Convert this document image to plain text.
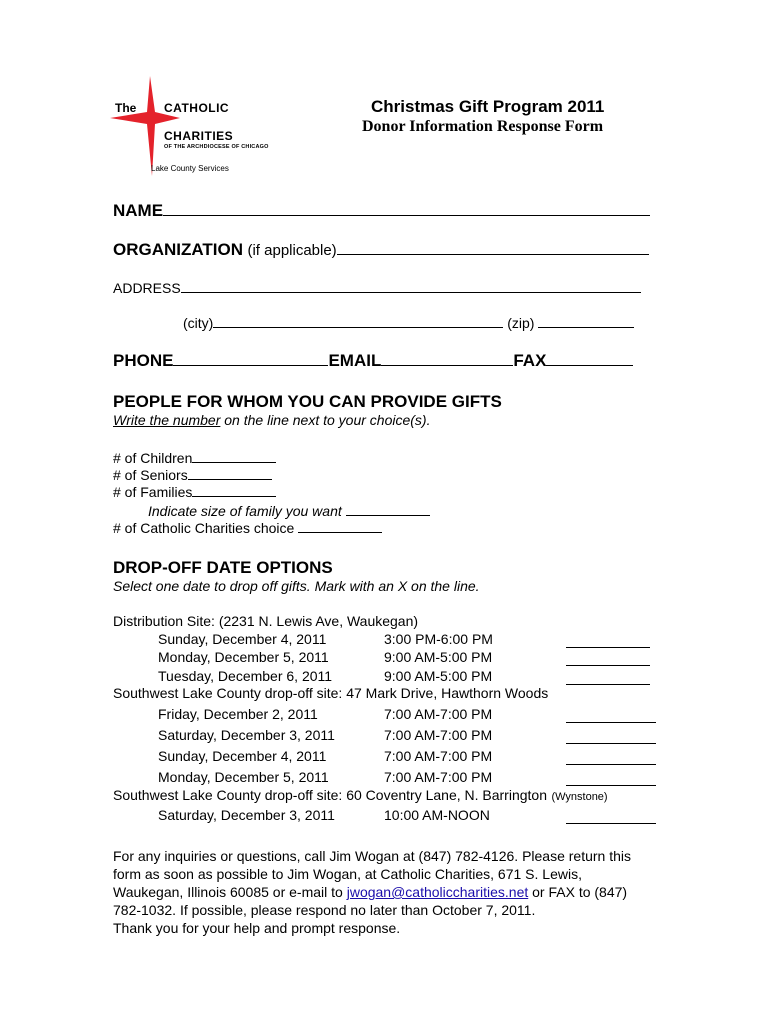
The CATHOLIC
CHARITIES
OF THE ARCHDIOCESE OF CHICAGO
Lake County Services
Christmas Gift Program 2011
Donor Information Response Form
NAME
ORGANIZATION (if applicable)
ADDRESS
(city)	(zip)
PHONE	EMAIL	FAX
PEOPLE FOR WHOM YOU CAN PROVIDE GIFTS
Write the number on the line next to your choice(s).
# of Children
# of Seniors
# of Families
Indicate size of family you want
# of Catholic Charities choice
DROP-OFF DATE OPTIONS
Select one date to drop off gifts. Mark with an X on the line.
Distribution Site: (2231 N. Lewis Ave, Waukegan)
Sunday, December 4, 2011	3:00 PM-6:00 PM
Monday, December 5, 2011	9:00 AM-5:00 PM
Tuesday, December 6, 2011	9:00 AM-5:00 PM
Southwest Lake County drop-off site: 47 Mark Drive, Hawthorn Woods
Friday, December 2, 2011	7:00 AM-7:00 PM
Saturday, December 3, 2011	7:00 AM-7:00 PM
Sunday, December 4, 2011	7:00 AM-7:00 PM
Monday, December 5, 2011	7:00 AM-7:00 PM
Southwest Lake County drop-off site: 60 Coventry Lane, N. Barrington (Wynstone)
Saturday, December 3, 2011	10:00 AM-NOON
For any inquiries or questions, call Jim Wogan at (847) 782-4126. Please return this form as soon as possible to Jim Wogan, at Catholic Charities, 671 S. Lewis, Waukegan, Illinois 60085 or e-mail to jwogan@catholiccharities.net or FAX to (847) 782-1032. If possible, please respond no later than October 7, 2011.
Thank you for your help and prompt response.
